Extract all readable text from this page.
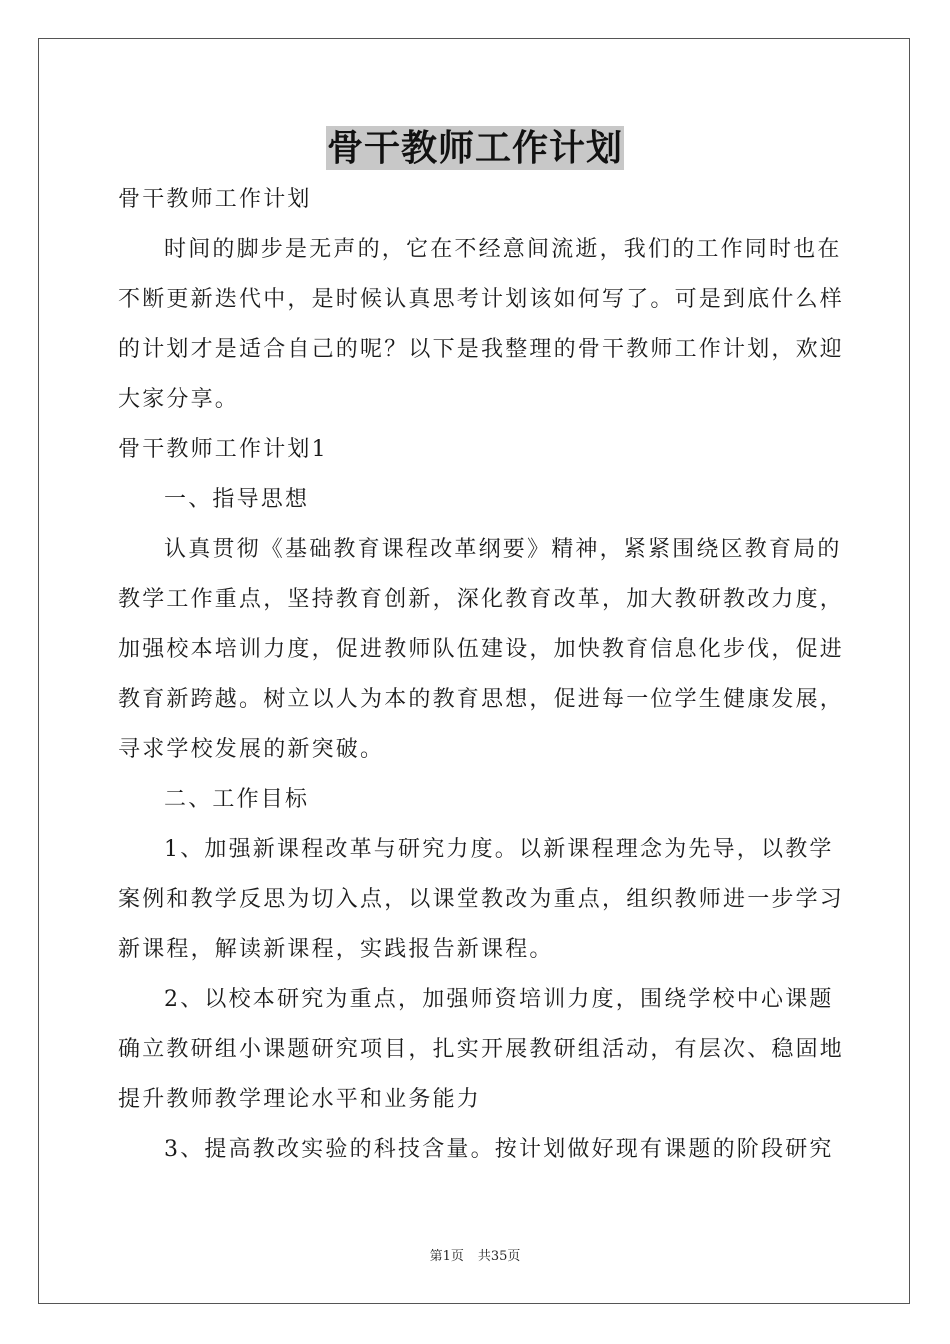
骨干教师工作计划
骨干教师工作计划
时间的脚步是无声的，它在不经意间流逝，我们的工作同时也在
不断更新迭代中，是时候认真思考计划该如何写了。可是到底什么样
的计划才是适合自己的呢？以下是我整理的骨干教师工作计划，欢迎
大家分享。
骨干教师工作计划1
一、指导思想
认真贯彻《基础教育课程改革纲要》精神，紧紧围绕区教育局的
教学工作重点，坚持教育创新，深化教育改革，加大教研教改力度，
加强校本培训力度，促进教师队伍建设，加快教育信息化步伐，促进
教育新跨越。树立以人为本的教育思想，促进每一位学生健康发展，
寻求学校发展的新突破。
二、工作目标
1、加强新课程改革与研究力度。以新课程理念为先导，以教学
案例和教学反思为切入点，以课堂教改为重点，组织教师进一步学习
新课程，解读新课程，实践报告新课程。
2、以校本研究为重点，加强师资培训力度，围绕学校中心课题
确立教研组小课题研究项目，扎实开展教研组活动，有层次、稳固地
提升教师教学理论水平和业务能力
3、提高教改实验的科技含量。按计划做好现有课题的阶段研究
第1页 共35页
